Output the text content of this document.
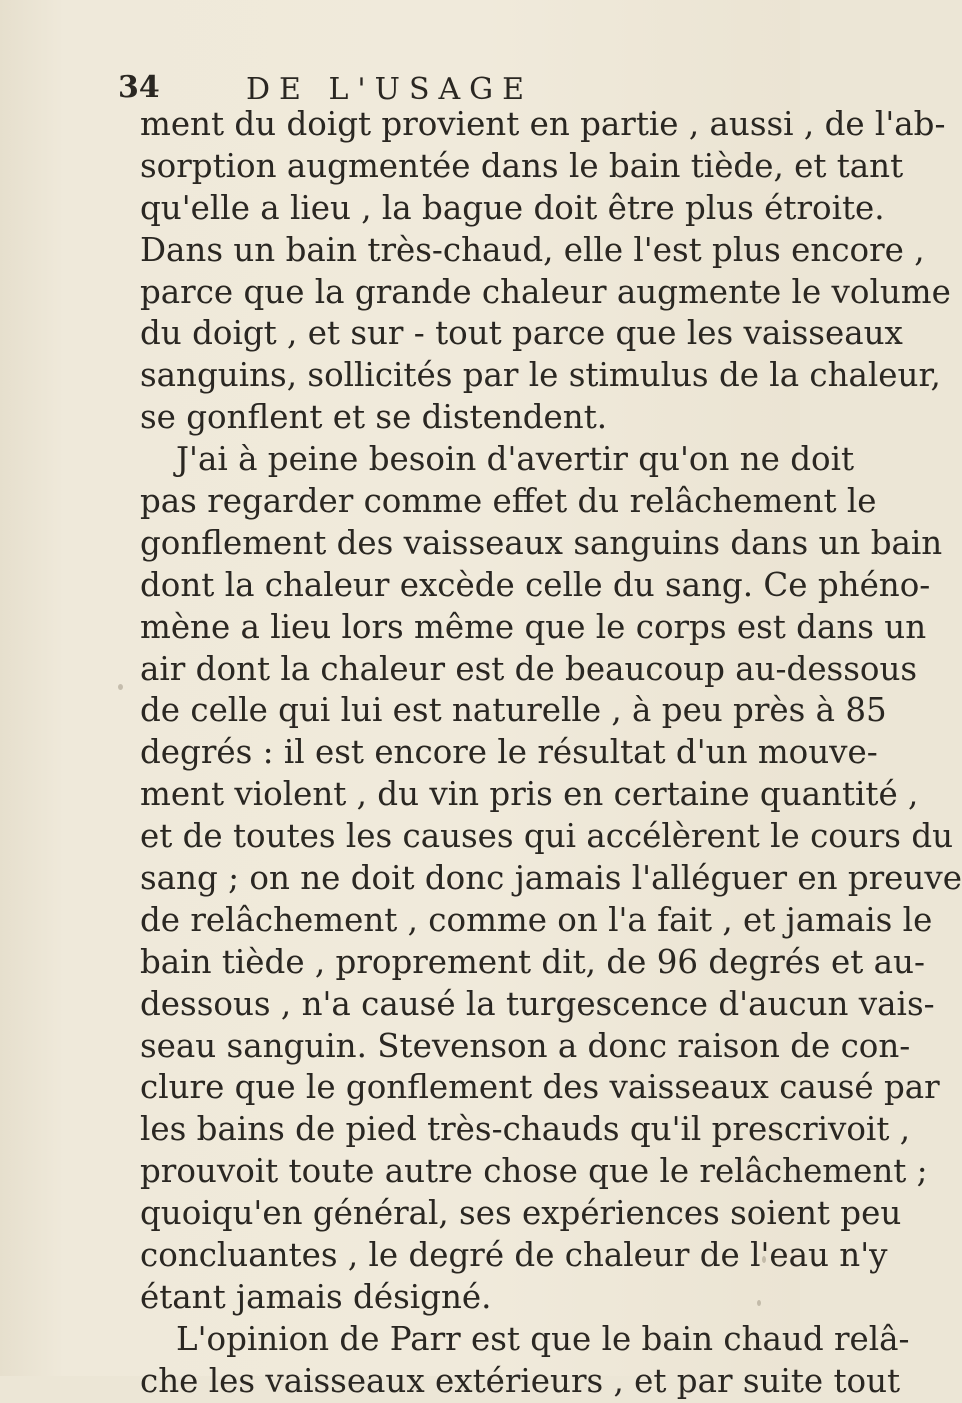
34	DE L'USAGE
ment du doigt provient en partie , aussi , de l'ab-
sorption augmentée dans le bain tiède, et tant
qu'elle a lieu , la bague doit être plus étroite.
Dans un bain très-chaud, elle l'est plus encore ,
parce que la grande chaleur augmente le volume
du doigt , et sur - tout parce que les vaisseaux
sanguins, sollicités par le stimulus de la chaleur,
se gonflent et se distendent.
J'ai à peine besoin d'avertir qu'on ne doit
pas regarder comme effet du relâchement le
gonflement des vaisseaux sanguins dans un bain
dont la chaleur excède celle du sang. Ce phéno-
mène a lieu lors même que le corps est dans un
air dont la chaleur est de beaucoup au-dessous
de celle qui lui est naturelle , à peu près à 85
degrés : il est encore le résultat d'un mouve-
ment violent , du vin pris en certaine quantité ,
et de toutes les causes qui accélèrent le cours du
sang ; on ne doit donc jamais l'alléguer en preuve
de relâchement , comme on l'a fait , et jamais le
bain tiède , proprement dit, de 96 degrés et au-
dessous , n'a causé la turgescence d'aucun vais-
seau sanguin. Stevenson a donc raison de con-
clure que le gonflement des vaisseaux causé par
les bains de pied très-chauds qu'il prescrivoit ,
prouvoit toute autre chose que le relâchement ;
quoiqu'en général, ses expériences soient peu
concluantes , le degré de chaleur de l'eau n'y
étant jamais désigné.
L'opinion de Parr est que le bain chaud relâ-
che les vaisseaux extérieurs , et par suite tout
